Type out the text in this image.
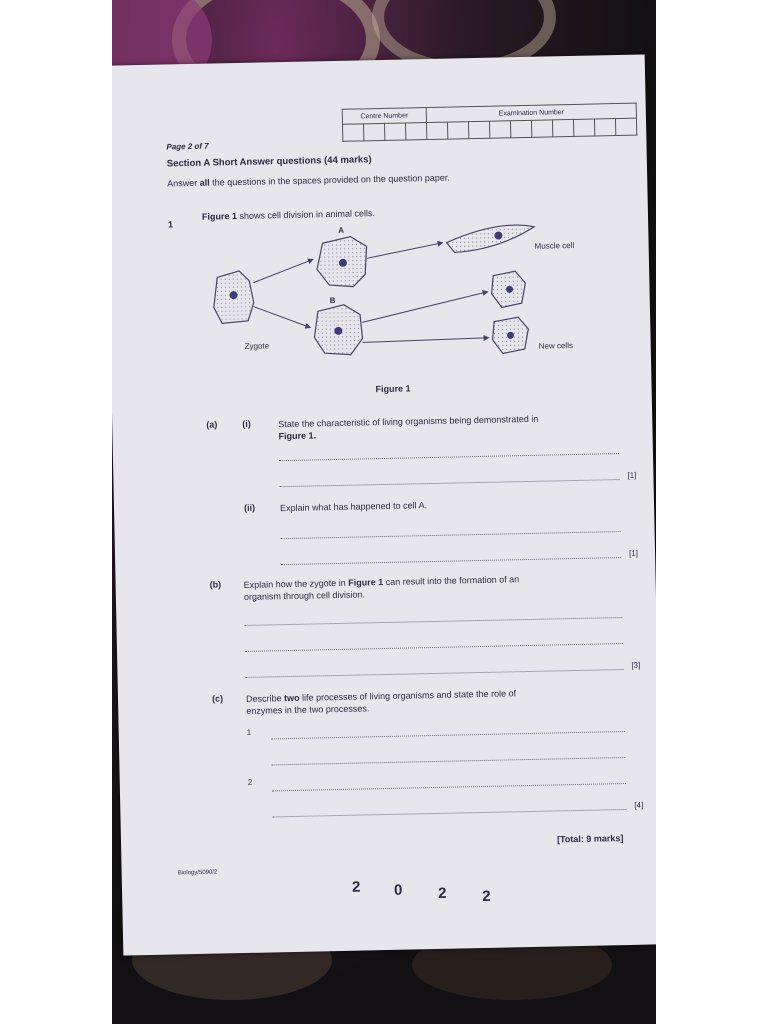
Centre Number				Examination Number									

Page 2 of 7
Section A Short Answer questions (44 marks)
Answer all the questions in the spaces provided on the question paper.
1
Figure 1 shows cell division in animal cells.
A
B
Zygote
Muscle cell
New cells
Figure 1
(a)	(i)	State the characteristic of living organisms being demonstrated in
Figure 1.
[1]
(ii)	Explain what has happened to cell A.
[1]
(b) Explain how the zygote in Figure 1 can result into the formation of an
organism through cell division.
[3]
(c)	Describe two life processes of living organisms and state the role of
enzymes in the two processes.
1
2
[4]
[Total: 9 marks]
Biology/5090/2
2 0 2 2
